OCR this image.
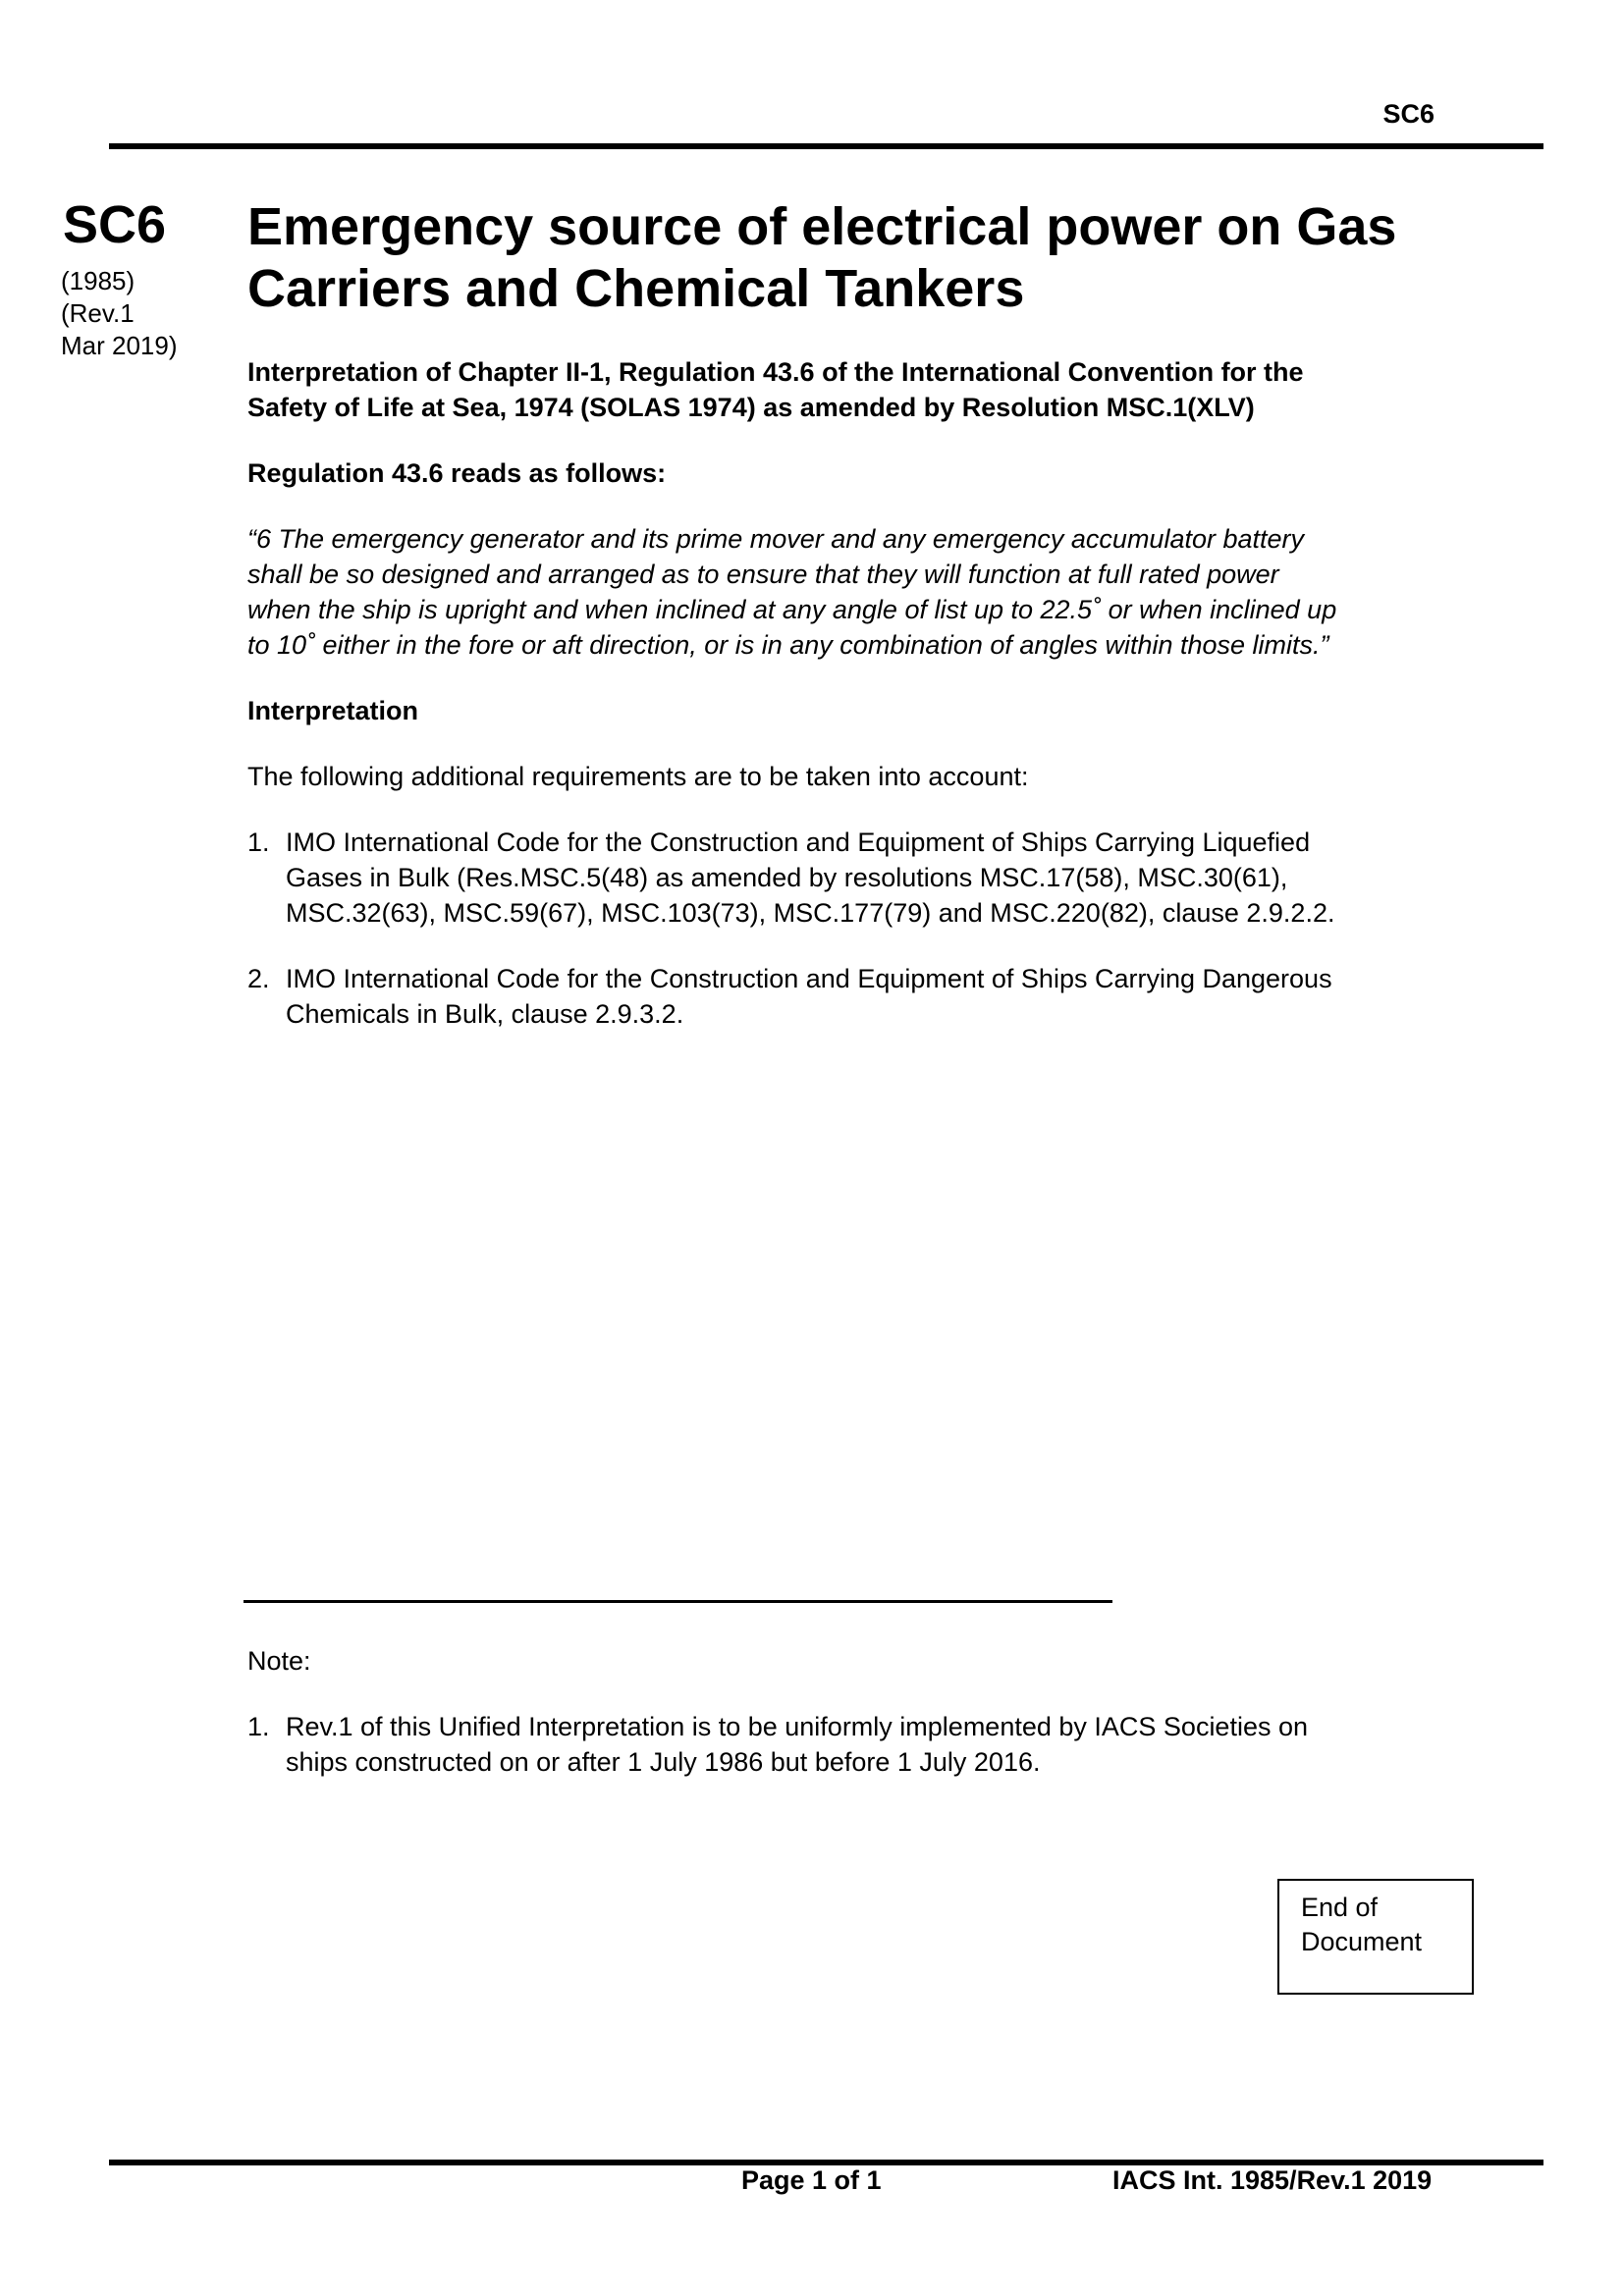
SC6
SC6
(1985)
(Rev.1
Mar 2019)
Emergency source of electrical power on Gas
Carriers and Chemical Tankers

Interpretation of Chapter II-1, Regulation 43.6 of the International Convention for the
Safety of Life at Sea, 1974 (SOLAS 1974) as amended by Resolution MSC.1(XLV)

Regulation 43.6 reads as follows:

“6 The emergency generator and its prime mover and any emergency accumulator battery
shall be so designed and arranged as to ensure that they will function at full rated power
when the ship is upright and when inclined at any angle of list up to 22.5˚ or when inclined up
to 10˚ either in the fore or aft direction, or is in any combination of angles within those limits.”

Interpretation

The following additional requirements are to be taken into account:

1. IMO International Code for the Construction and Equipment of Ships Carrying Liquefied
Gases in Bulk (Res.MSC.5(48) as amended by resolutions MSC.17(58), MSC.30(61),
MSC.32(63), MSC.59(67), MSC.103(73), MSC.177(79) and MSC.220(82), clause 2.9.2.2.
2. IMO International Code for the Construction and Equipment of Ships Carrying Dangerous
Chemicals in Bulk, clause 2.9.3.2.

Note:

1. Rev.1 of this Unified Interpretation is to be uniformly implemented by IACS Societies on
ships constructed on or after 1 July 1986 but before 1 July 2016.
End of
Document
Page 1 of 1	IACS Int. 1985/Rev.1 2019
